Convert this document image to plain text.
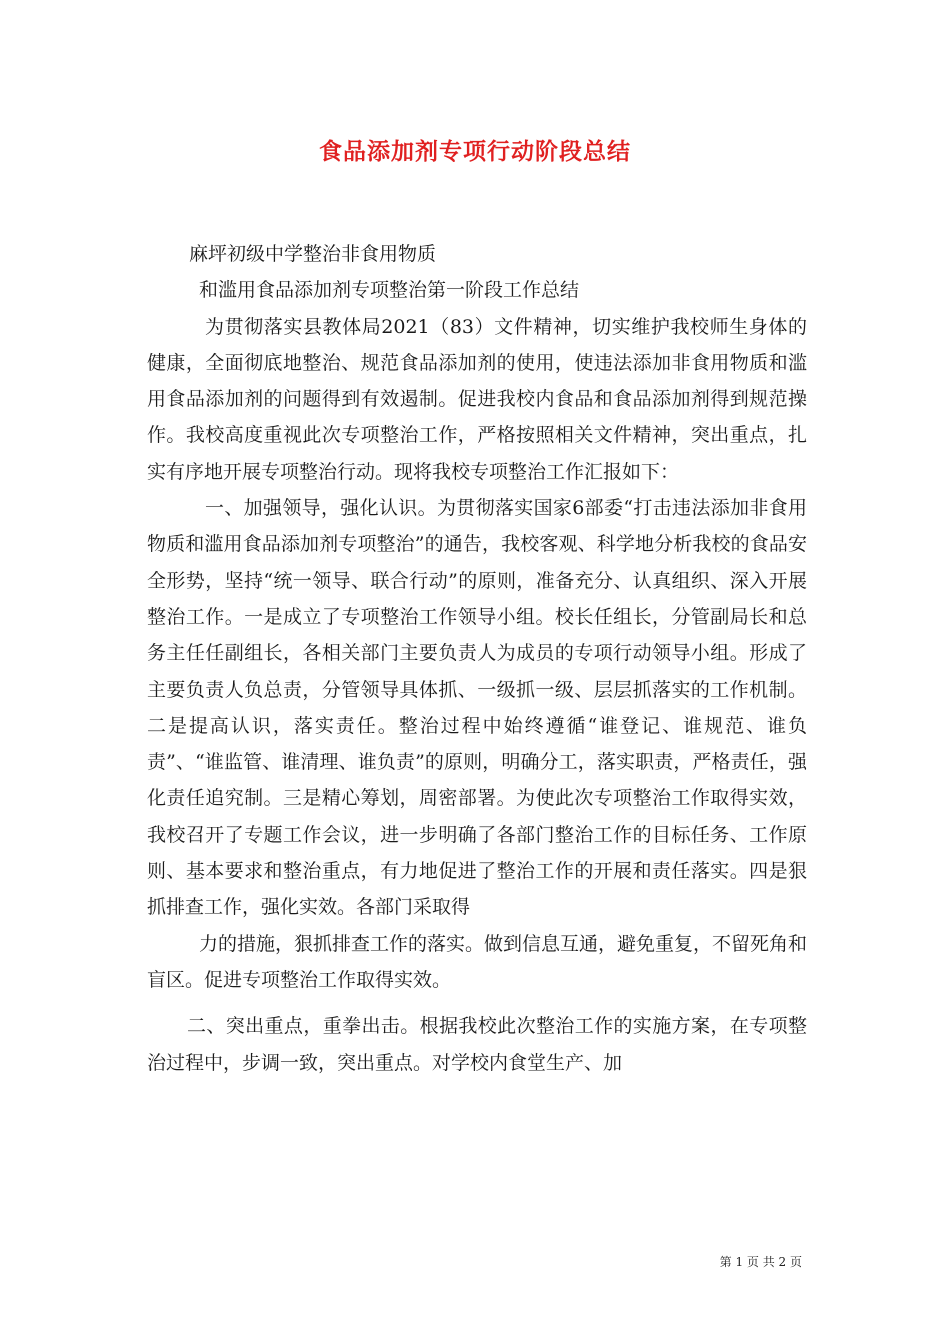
食品添加剂专项行动阶段总结

麻坪初级中学整治非食用物质

和滥用食品添加剂专项整治第一阶段工作总结

为贯彻落实县教体局2021（83）文件精神，切实维护我校师生身体的健康，全面彻底地整治、规范食品添加剂的使用，使违法添加非食用物质和滥用食品添加剂的问题得到有效遏制。促进我校内食品和食品添加剂得到规范操作。我校高度重视此次专项整治工作，严格按照相关文件精神，突出重点，扎实有序地开展专项整治行动。现将我校专项整治工作汇报如下：

一、加强领导，强化认识。为贯彻落实国家6部委“打击违法添加非食用物质和滥用食品添加剂专项整治”的通告，我校客观、科学地分析我校的食品安全形势，坚持“统一领导、联合行动”的原则，准备充分、认真组织、深入开展整治工作。一是成立了专项整治工作领导小组。校长任组长，分管副局长和总务主任任副组长，各相关部门主要负责人为成员的专项行动领导小组。形成了主要负责人负总责，分管领导具体抓、一级抓一级、层层抓落实的工作机制。二是提高认识，落实责任。整治过程中始终遵循“谁登记、谁规范、谁负责”、“谁监管、谁清理、谁负责”的原则，明确分工，落实职责，严格责任，强化责任追究制。三是精心筹划，周密部署。为使此次专项整治工作取得实效，我校召开了专题工作会议，进一步明确了各部门整治工作的目标任务、工作原则、基本要求和整治重点，有力地促进了整治工作的开展和责任落实。四是狠抓排查工作，强化实效。各部门采取得

力的措施，狠抓排查工作的落实。做到信息互通，避免重复，不留死角和盲区。促进专项整治工作取得实效。

二、突出重点，重拳出击。根据我校此次整治工作的实施方案，在专项整治过程中，步调一致，突出重点。对学校内食堂生产、加

第 1 页 共 2 页
